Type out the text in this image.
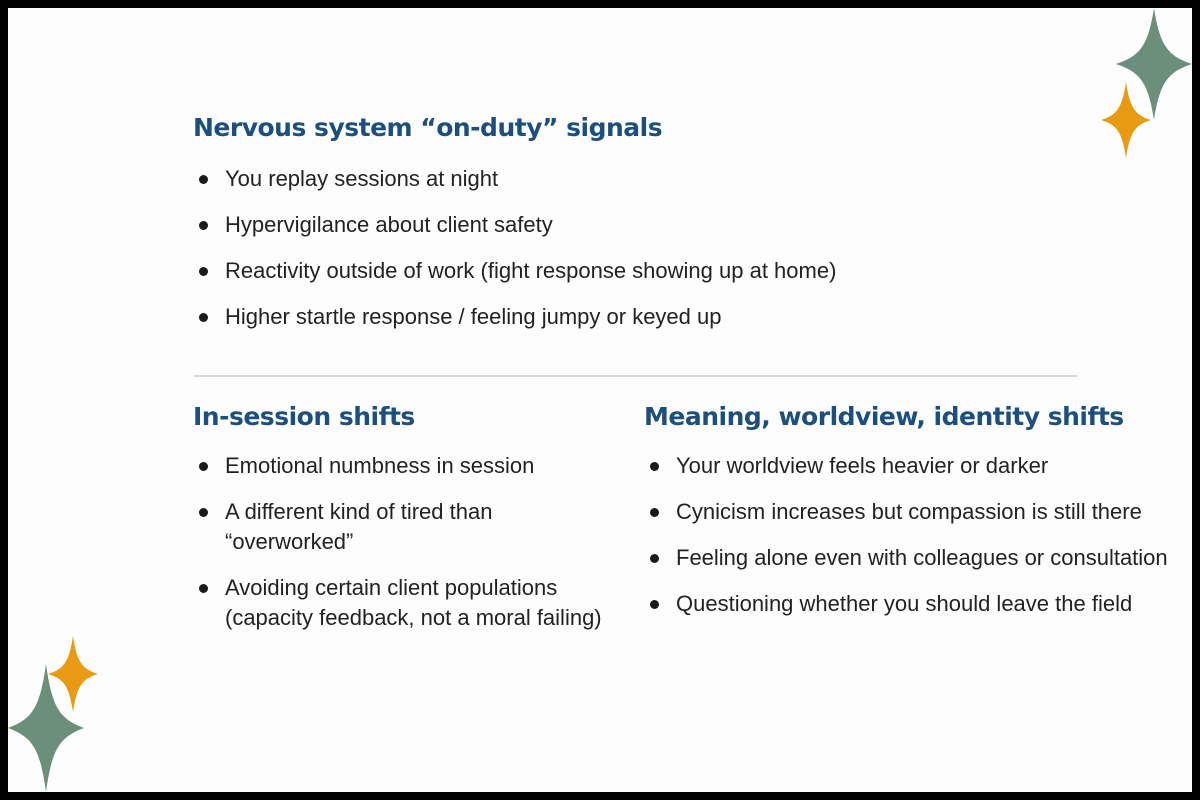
Nervous system “on-duty” signals
You replay sessions at night
Hypervigilance about client safety
Reactivity outside of work (fight response showing up at home)
Higher startle response / feeling jumpy or keyed up
In-session shifts
Emotional numbness in session
A different kind of tired than “overworked”
Avoiding certain client populations (capacity feedback, not a moral failing)
Meaning, worldview, identity shifts
Your worldview feels heavier or darker
Cynicism increases but compassion is still there
Feeling alone even with colleagues or consultation
Questioning whether you should leave the field
